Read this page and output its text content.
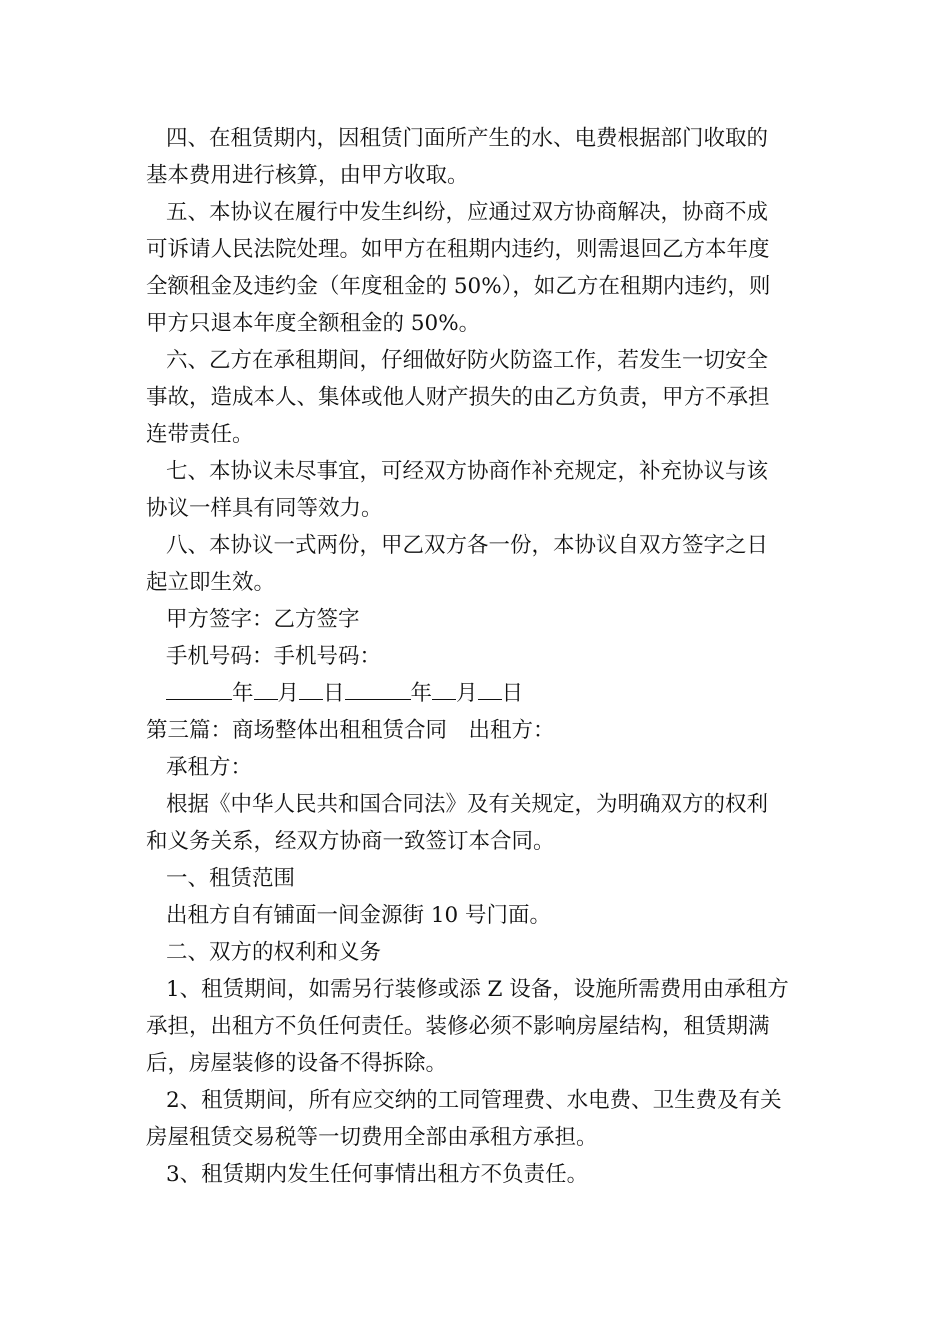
四、在租赁期内，因租赁门面所产生的水、电费根据部门收取的
基本费用进行核算，由甲方收取。
五、本协议在履行中发生纠纷，应通过双方协商解决，协商不成
可诉请人民法院处理。如甲方在租期内违约，则需退回乙方本年度
全额租金及违约金（年度租金的 50%），如乙方在租期内违约，则
甲方只退本年度全额租金的 50%。
六、乙方在承租期间，仔细做好防火防盗工作，若发生一切安全
事故，造成本人、集体或他人财产损失的由乙方负责，甲方不承担
连带责任。
七、本协议未尽事宜，可经双方协商作补充规定，补充协议与该
协议一样具有同等效力。
八、本协议一式两份，甲乙双方各一份，本协议自双方签字之日
起立即生效。
甲方签字：乙方签字
手机号码：手机号码：
年 月 日	年 月 日
第三篇：商场整体出租租赁合同　出租方：
承租方：
根据《中华人民共和国合同法》及有关规定，为明确双方的权利
和义务关系，经双方协商一致签订本合同。
一、租赁范围
出租方自有铺面一间金源街 10 号门面。
二、双方的权利和义务
1、租赁期间，如需另行装修或添 Z 设备，设施所需费用由承租方
承担，出租方不负任何责任。装修必须不影响房屋结构，租赁期满
后，房屋装修的设备不得拆除。
2、租赁期间，所有应交纳的工同管理费、水电费、卫生费及有关
房屋租赁交易税等一切费用全部由承租方承担。
3、租赁期内发生任何事情出租方不负责任。
